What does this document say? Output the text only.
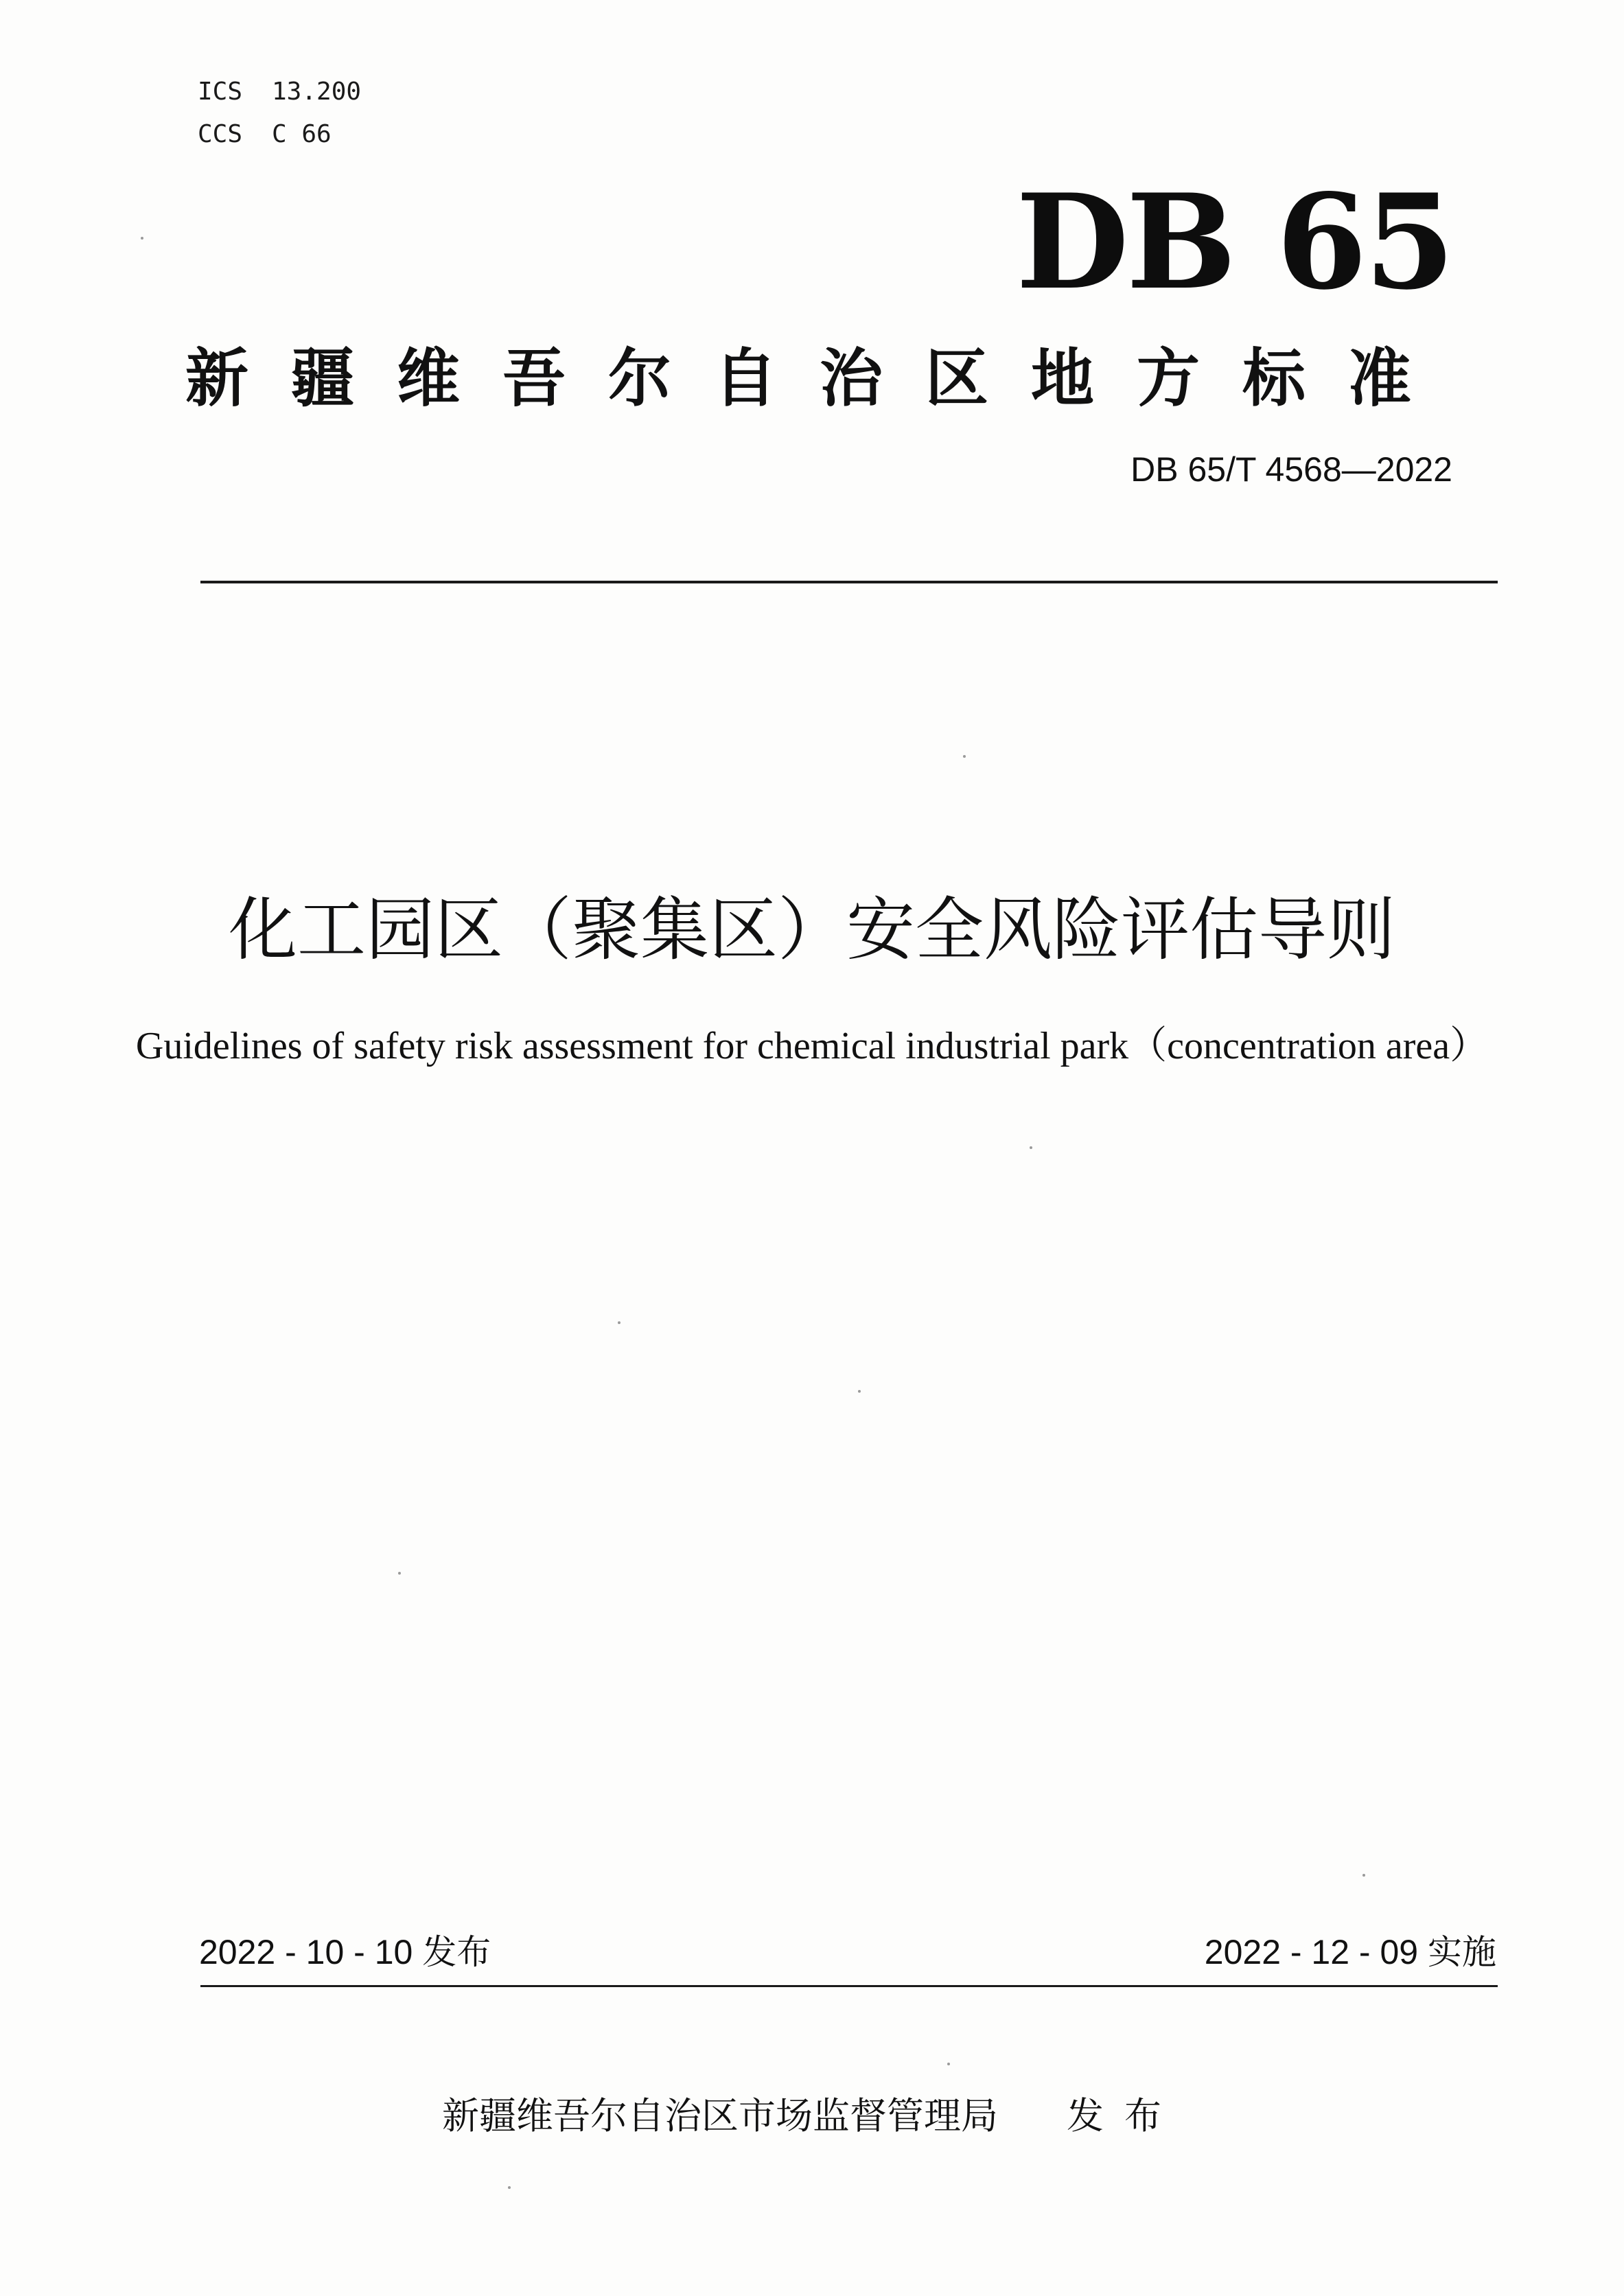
ICS 13.200
CCS C 66
DB 65
新疆维吾尔自治区地方标准
DB 65/T 4568—2022
化工园区（聚集区）安全风险评估导则
Guidelines of safety risk assessment for chemical industrial park（concentration area）
2022 - 10 - 10 发布	2022 - 12 - 09 实施
新疆维吾尔自治区市场监督管理局 发布
